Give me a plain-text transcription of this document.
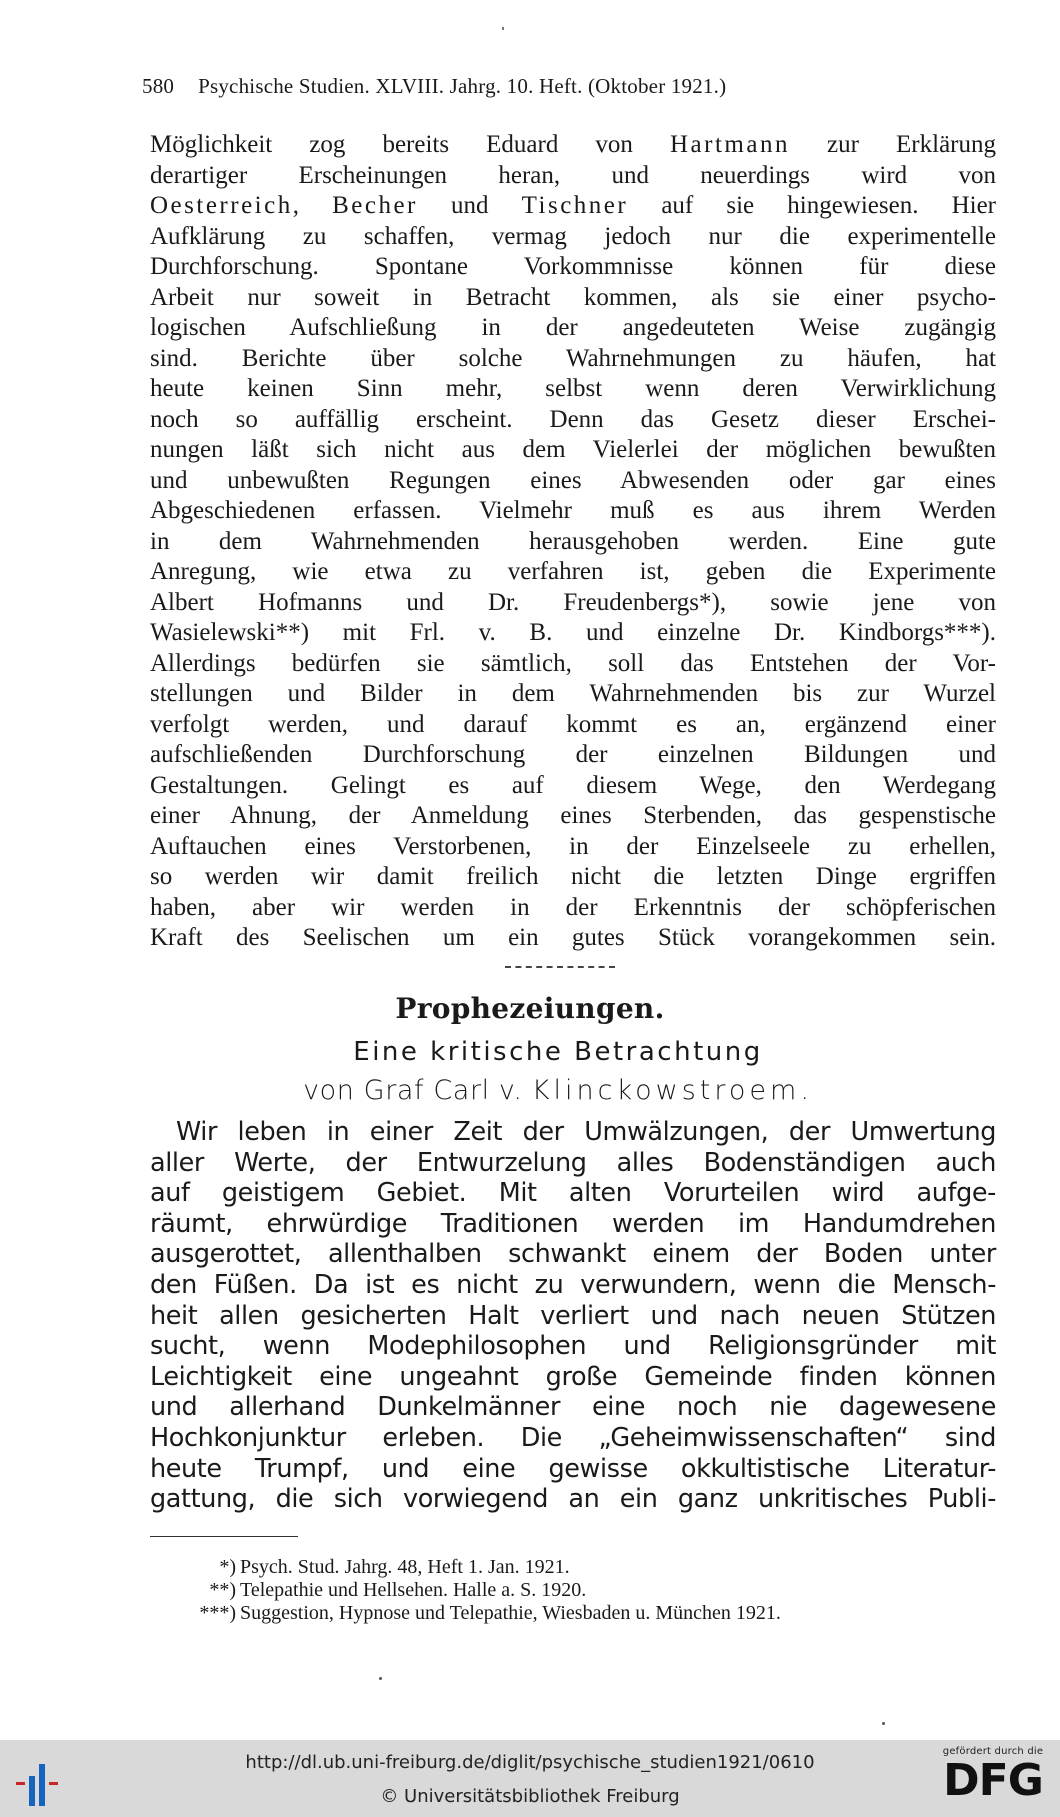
580 Psychische Studien. XLVIII. Jahrg. 10. Heft. (Oktober 1921.)
Möglichkeit zog bereits Eduard von Hartmann zur Erklärung
derartiger Erscheinungen heran, und neuerdings wird von
Oesterreich, Becher und Tischner auf sie hingewiesen. Hier
Aufklärung zu schaffen, vermag jedoch nur die experimentelle
Durchforschung. Spontane Vorkommnisse können für diese
Arbeit nur soweit in Betracht kommen, als sie einer psycho-
logischen Aufschließung in der angedeuteten Weise zugängig
sind. Berichte über solche Wahrnehmungen zu häufen, hat
heute keinen Sinn mehr, selbst wenn deren Verwirklichung
noch so auffällig erscheint. Denn das Gesetz dieser Erschei-
nungen läßt sich nicht aus dem Vielerlei der möglichen bewußten
und unbewußten Regungen eines Abwesenden oder gar eines
Abgeschiedenen erfassen. Vielmehr muß es aus ihrem Werden
in dem Wahrnehmenden herausgehoben werden. Eine gute
Anregung, wie etwa zu verfahren ist, geben die Experimente
Albert Hofmanns und Dr. Freudenbergs*), sowie jene von
Wasielewski**) mit Frl. v. B. und einzelne Dr. Kindborgs***).
Allerdings bedürfen sie sämtlich, soll das Entstehen der Vor-
stellungen und Bilder in dem Wahrnehmenden bis zur Wurzel
verfolgt werden, und darauf kommt es an, ergänzend einer
aufschließenden Durchforschung der einzelnen Bildungen und
Gestaltungen. Gelingt es auf diesem Wege, den Werdegang
einer Ahnung, der Anmeldung eines Sterbenden, das gespenstische
Auftauchen eines Verstorbenen, in der Einzelseele zu erhellen,
so werden wir damit freilich nicht die letzten Dinge ergriffen
haben, aber wir werden in der Erkenntnis der schöpferischen
Kraft des Seelischen um ein gutes Stück vorangekommen sein.
Prophezeiungen.
Eine kritische Betrachtung
von Graf Carl v. Klinckowstroem.
Wir leben in einer Zeit der Umwälzungen, der Umwertung
aller Werte, der Entwurzelung alles Bodenständigen auch
auf geistigem Gebiet. Mit alten Vorurteilen wird aufge-
räumt, ehrwürdige Traditionen werden im Handumdrehen
ausgerottet, allenthalben schwankt einem der Boden unter
den Füßen. Da ist es nicht zu verwundern, wenn die Mensch-
heit allen gesicherten Halt verliert und nach neuen Stützen
sucht, wenn Modephilosophen und Religionsgründer mit
Leichtigkeit eine ungeahnt große Gemeinde finden können
und allerhand Dunkelmänner eine noch nie dagewesene
Hochkonjunktur erleben. Die „Geheimwissenschaften“ sind
heute Trumpf, und eine gewisse okkultistische Literatur-
gattung, die sich vorwiegend an ein ganz unkritisches Publi-
*) Psych. Stud. Jahrg. 48, Heft 1. Jan. 1921.
**) Telepathie und Hellsehen. Halle a. S. 1920.
***) Suggestion, Hypnose und Telepathie, Wiesbaden u. München 1921.
http://dl.ub.uni-freiburg.de/diglit/psychische_studien1921/0610
© Universitätsbibliothek Freiburg
gefördert durch die
DFG
